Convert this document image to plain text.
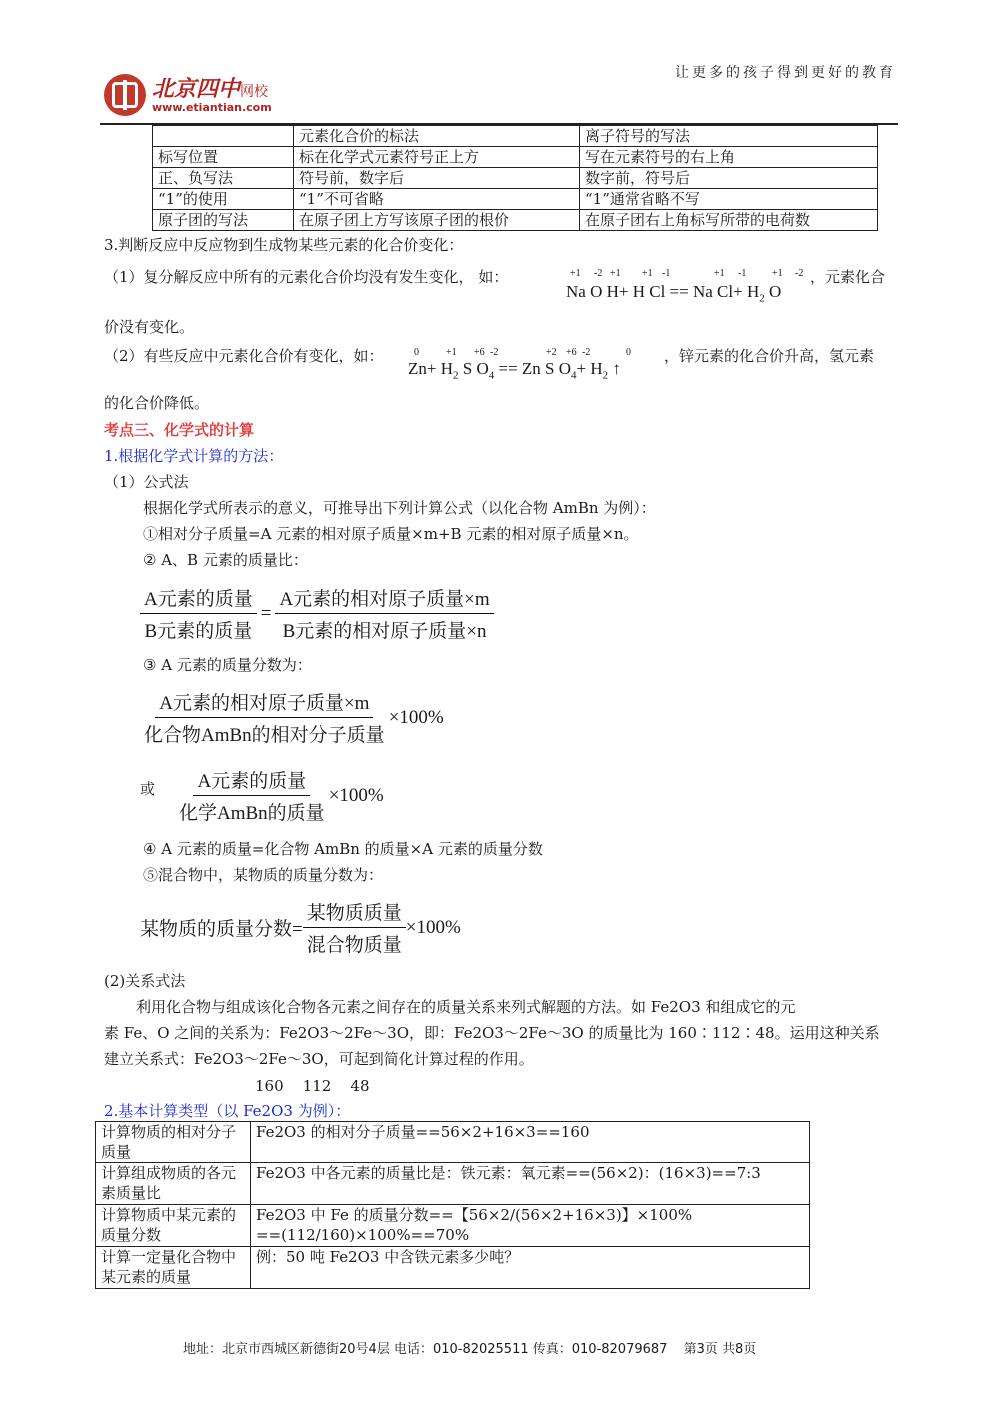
让更多的孩子得到更好的教育
北京四中网校
www.etiantian.com
	元素化合价的标法	离子符号的写法
标写位置	标在化学式元素符号正上方	写在元素符号的右上角
正、负写法	符号前，数字后	数字前，符号后
“1”的使用	“1”不可省略	“1”通常省略不写
原子团的写法	在原子团上方写该原子团的根价	在原子团右上角标写所带的电荷数
3.判断反应中反应物到生成物某些元素的化合价变化：
（1）复分解反应中所有的元素化合价均没有发生变化， 如：	+1 -2 +1 +1 -1	+1 -1	+1 -2
Na O H+ H Cl == Na $Cl+ H_2$ O
，元素化合
价没有变化。
（2）有些反应中元素化合价有变化，如：	0	+1 +6 -2	+2 +6 -2	0
$Zn+ H_2$ S $O_4 == Zn$ S $O_4+ H_2$ ↑
，锌元素的化合价升高，氢元素
的化合价降低。
考点三、化学式的计算
1.根据化学式计算的方法：
（1）公式法
根据化学式所表示的意义，可推导出下列计算公式（以化合物 AmBn 为例）：
①相对分子质量=A 元素的相对原子质量×m+B 元素的相对原子质量×n。
② A、B 元素的质量比：
$\frac{\text{A元素的质量}}{\text{B元素的质量}} = \frac{\text{A元素的相对原子质量×m}}{\text{B元素的相对原子质量×n}}$
③ A 元素的质量分数为：
$\frac{\text{A元素的相对原子质量×m}}{\text{化合物AmBn的相对分子质量}} \times 100\%$
或 $\frac{\text{A元素的质量}}{\text{化学AmBn的质量}} \times 100\%$
④ A 元素的质量=化合物 AmBn 的质量×A 元素的质量分数
⑤混合物中，某物质的质量分数为：
某物质的质量分数= $\frac{\text{某物质质量}}{\text{混合物质量}} \times 100\%$
(2)关系式法
利用化合物与组成该化合物各元素之间存在的质量关系来列式解题的方法。如 Fe2O3 和组成它的元
素 Fe、O 之间的关系为：Fe2O3～2Fe～3O，即：Fe2O3～2Fe～3O 的质量比为 160∶112∶48。运用这种关系
建立关系式：Fe2O3～2Fe～3O，可起到简化计算过程的作用。
160    112    48
2.基本计算类型（以 Fe2O3 为例）：
计算物质的相对分子质量	Fe2O3 的相对分子质量==56×2+16×3==160
计算组成物质的各元素质量比	Fe2O3 中各元素的质量比是：铁元素：氧元素==(56×2)：(16×3)==7:3
计算物质中某元素的质量分数	Fe2O3 中 Fe 的质量分数==【56×2/(56×2+16×3)】×100%
==(112/160)×100%==70%

计算一定量化合物中某元素的质量	例：50 吨 Fe2O3 中含铁元素多少吨？
地址：北京市西城区新德街20号4层 电话：010-82025511 传真：010-82079687 第3页 共8页
